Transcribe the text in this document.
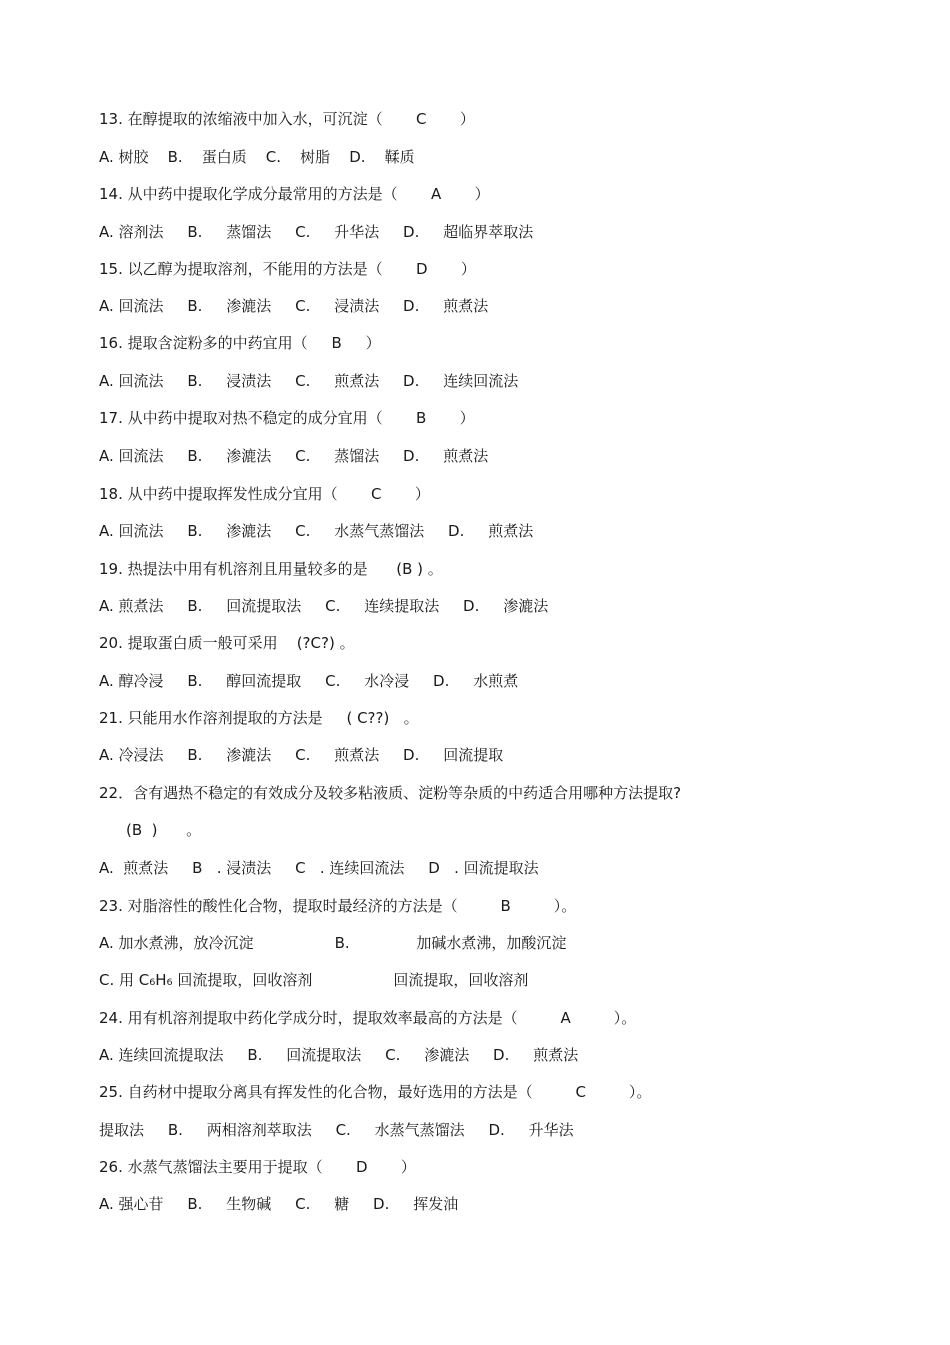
13. 在醇提取的浓缩液中加入水，可沉淀（       C       ）
A. 树胶    B.    蛋白质    C.    树脂    D.    鞣质
14. 从中药中提取化学成分最常用的方法是（       A       ）
A. 溶剂法     B.     蒸馏法     C.     升华法     D.     超临界萃取法
15. 以乙醇为提取溶剂，不能用的方法是（       D       ）
A. 回流法     B.     渗漉法     C.     浸渍法     D.     煎煮法
16. 提取含淀粉多的中药宜用（     B     ）
A. 回流法     B.     浸渍法     C.     煎煮法     D.     连续回流法
17. 从中药中提取对热不稳定的成分宜用（       B       ）
A. 回流法     B.     渗漉法     C.     蒸馏法     D.     煎煮法
18. 从中药中提取挥发性成分宜用（       C       ）
A. 回流法     B.     渗漉法     C.     水蒸气蒸馏法     D.     煎煮法
19. 热提法中用有机溶剂且用量较多的是      (B ) 。
A. 煎煮法     B.     回流提取法     C.     连续提取法     D.     渗漉法
20. 提取蛋白质一般可采用    (?C?) 。
A. 醇冷浸     B.     醇回流提取     C.     水冷浸     D.     水煎煮
21. 只能用水作溶剂提取的方法是     ( C??)   。
A. 冷浸法     B.     渗漉法     C.     煎煮法     D.     回流提取
22．含有遇热不稳定的有效成分及较多粘液质、淀粉等杂质的中药适合用哪种方法提取?
(B  )      。
A.  煎煮法     B   . 浸渍法     C   . 连续回流法     D   . 回流提取法
23. 对脂溶性的酸性化合物，提取时最经济的方法是（         B         ）。
A. 加水煮沸，放冷沉淀                 B.              加碱水煮沸，加酸沉淀
C. 用 C₆H₆ 回流提取，回收溶剂                 回流提取，回收溶剂
24. 用有机溶剂提取中药化学成分时，提取效率最高的方法是（         A         ）。
A. 连续回流提取法     B.     回流提取法     C.     渗漉法     D.     煎煮法
25. 自药材中提取分离具有挥发性的化合物，最好选用的方法是（         C         ）。
提取法     B.     两相溶剂萃取法     C.     水蒸气蒸馏法     D.     升华法
26. 水蒸气蒸馏法主要用于提取（       D       ）
A. 强心苷     B.     生物碱     C.     糖     D.     挥发油
